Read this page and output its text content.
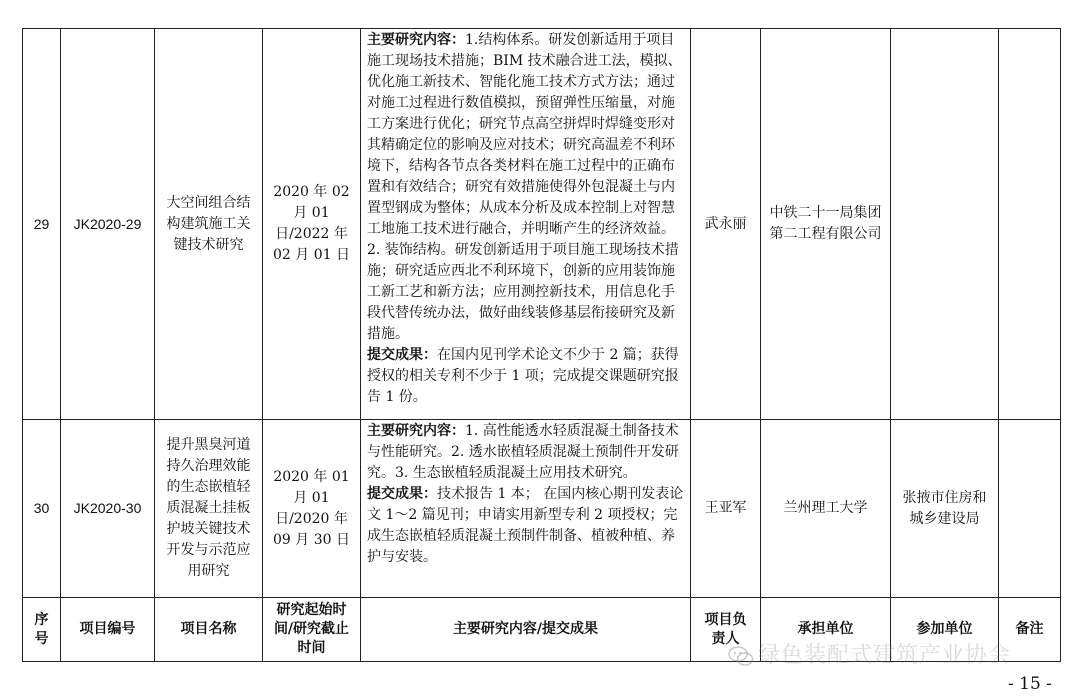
29	JK2020-29	大空间组合结构建筑施工关键技术研究	2020 年 02 月 01 日/2022 年 02 月 01 日	主要研究内容：1.结构体系。研发创新适用于项目施工现场技术措施；BIM 技术融合进工法，模拟、优化施工新技术、智能化施工技术方式方法；通过对施工过程进行数值模拟，预留弹性压缩量，对施工方案进行优化；研究节点高空拼焊时焊缝变形对其精确定位的影响及应对技术；研究高温差不利环境下，结构各节点各类材料在施工过程中的正确布置和有效结合；研究有效措施使得外包混凝土与内置型钢成为整体；从成本分析及成本控制上对智慧工地施工技术进行融合，并明晰产生的经济效益。2. 装饰结构。研发创新适用于项目施工现场技术措施；研究适应西北不利环境下，创新的应用装饰施工新工艺和新方法；应用测控新技术，用信息化手段代替传统办法，做好曲线装修基层衔接研究及新措施。

提交成果：在国内见刊学术论文不少于 2 篇；获得授权的相关专利不少于 1 项；完成提交课题研究报告 1 份。	武永丽	中铁二十一局集团第二工程有限公司		
30	JK2020-30	提升黑臭河道持久治理效能的生态嵌植轻质混凝土挂板护坡关键技术开发与示范应用研究	2020 年 01 月 01 日/2020 年 09 月 30 日	主要研究内容：1. 高性能透水轻质混凝土制备技术与性能研究。2. 透水嵌植轻质混凝土预制件开发研究。3. 生态嵌植轻质混凝土应用技术研究。

提交成果：技术报告 1 本； 在国内核心期刊发表论文 1～2 篇见刊；申请实用新型专利 2 项授权；完成生态嵌植轻质混凝土预制件制备、植被种植、养护与安装。	王亚军	兰州理工大学	张掖市住房和城乡建设局	
序号	项目编号	项目名称	研究起始时间/研究截止时间	主要研究内容/提交成果	项目负责人	承担单位	参加单位	备注
绿色装配式建筑产业协会
- 15 -
